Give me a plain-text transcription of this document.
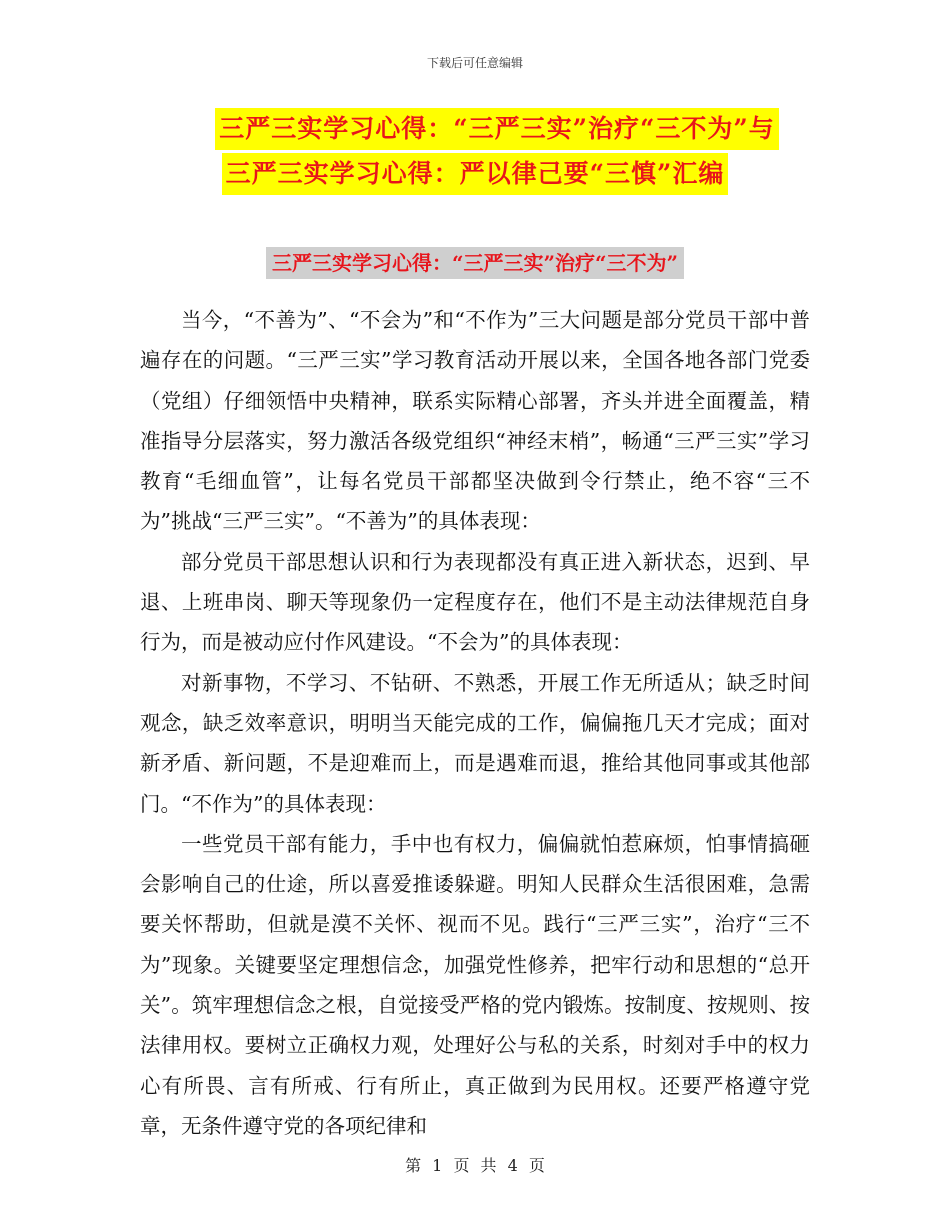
下载后可任意编辑
三严三实学习心得：“三严三实”治疗“三不为”与
三严三实学习心得：严以律己要“三慎”汇编
三严三实学习心得：“三严三实”治疗“三不为”

当今，“不善为”、“不会为”和“不作为”三大问题是部分党员干部中普遍存在的问题。“三严三实”学习教育活动开展以来，全国各地各部门党委（党组）仔细领悟中央精神，联系实际精心部署，齐头并进全面覆盖，精准指导分层落实，努力激活各级党组织“神经末梢”，畅通“三严三实”学习教育“毛细血管”，让每名党员干部都坚决做到令行禁止，绝不容“三不为”挑战“三严三实”。“不善为”的具体表现：

部分党员干部思想认识和行为表现都没有真正进入新状态，迟到、早退、上班串岗、聊天等现象仍一定程度存在，他们不是主动法律规范自身行为，而是被动应付作风建设。“不会为”的具体表现：

对新事物，不学习、不钻研、不熟悉，开展工作无所适从；缺乏时间观念，缺乏效率意识，明明当天能完成的工作，偏偏拖几天才完成；面对新矛盾、新问题，不是迎难而上，而是遇难而退，推给其他同事或其他部门。“不作为”的具体表现：

一些党员干部有能力，手中也有权力，偏偏就怕惹麻烦，怕事情搞砸会影响自己的仕途，所以喜爱推诿躲避。明知人民群众生活很困难，急需要关怀帮助，但就是漠不关怀、视而不见。践行“三严三实”，治疗“三不为”现象。关键要坚定理想信念，加强党性修养，把牢行动和思想的“总开关”。筑牢理想信念之根，自觉接受严格的党内锻炼。按制度、按规则、按法律用权。要树立正确权力观，处理好公与私的关系，时刻对手中的权力心有所畏、言有所戒、行有所止，真正做到为民用权。还要严格遵守党章，无条件遵守党的各项纪律和

第 1 页 共 4 页
